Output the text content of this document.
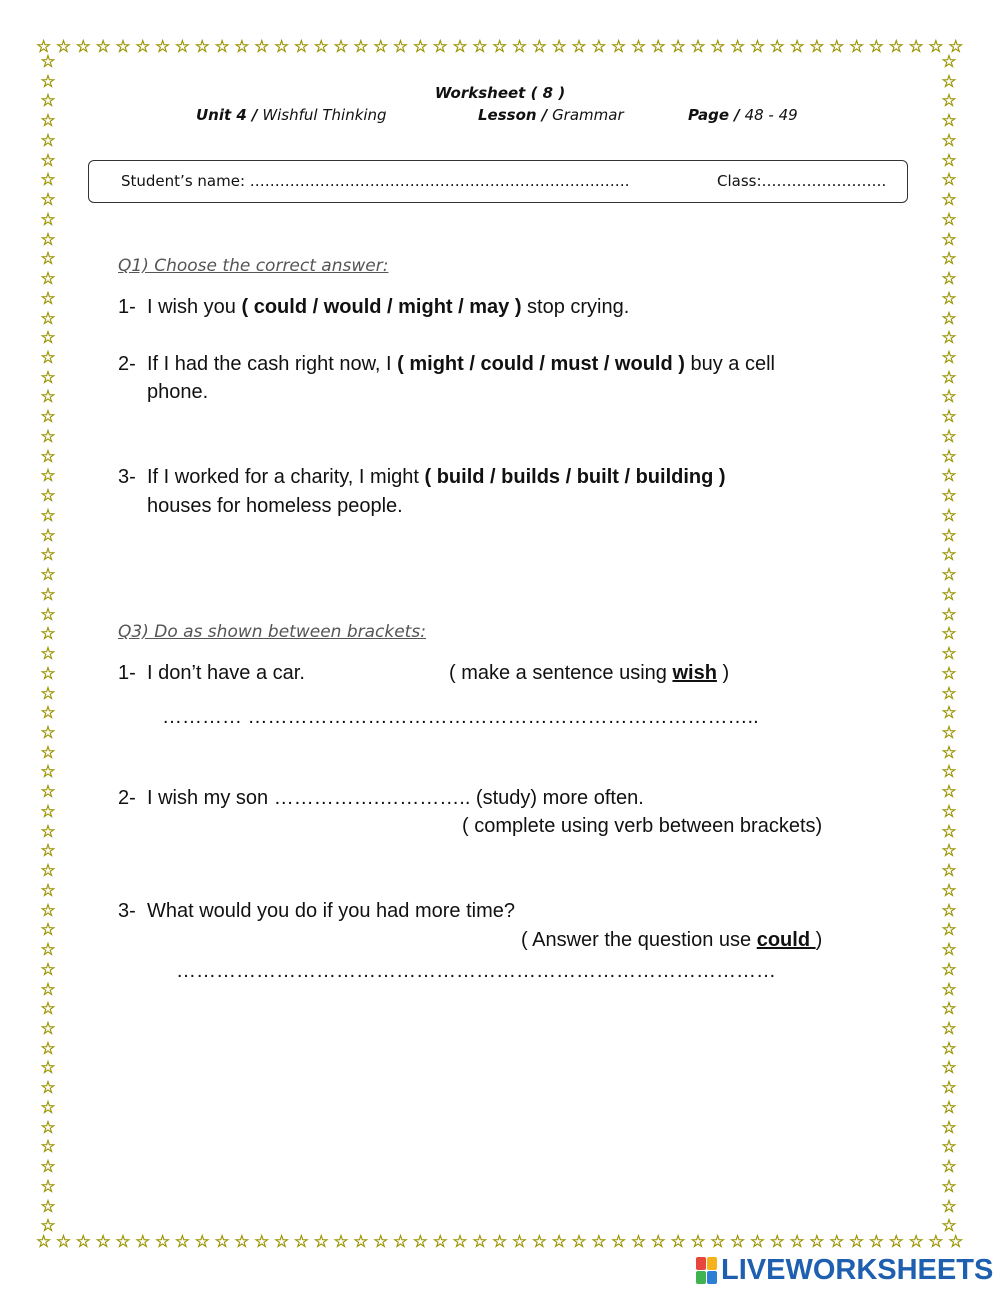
☆ ☆ ☆ ☆ ☆ ☆ ☆ ☆ ☆ ☆ ☆ ☆ ☆ ☆ ☆ ☆ ☆ ☆ ☆ ☆ ☆ ☆ ☆ ☆ ☆ ☆ ☆ ☆ ☆ ☆ ☆ ☆ ☆ ☆ ☆ ☆ ☆ ☆ ☆ ☆ ☆ ☆ ☆ ☆ ☆ ☆ ☆
☆ ☆ ☆ ☆ ☆ ☆ ☆ ☆ ☆ ☆ ☆ ☆ ☆ ☆ ☆ ☆ ☆ ☆ ☆ ☆ ☆ ☆ ☆ ☆ ☆ ☆ ☆ ☆ ☆ ☆ ☆ ☆ ☆ ☆ ☆ ☆ ☆ ☆ ☆ ☆ ☆ ☆ ☆ ☆ ☆ ☆ ☆
☆
☆
☆
☆
☆
☆
☆
☆
☆
☆
☆
☆
☆
☆
☆
☆
☆
☆
☆
☆
☆
☆
☆
☆
☆
☆
☆
☆
☆
☆
☆
☆
☆
☆
☆
☆
☆
☆
☆
☆
☆
☆
☆
☆
☆
☆
☆
☆
☆
☆
☆
☆
☆
☆
☆
☆
☆
☆
☆
☆
☆
☆
☆
☆
☆
☆
☆
☆
☆
☆
☆
☆
☆
☆
☆
☆
☆
☆
☆
☆
☆
☆
☆
☆
☆
☆
☆
☆
☆
☆
☆
☆
☆
☆
☆
☆
☆
☆
☆
☆
☆
☆
☆
☆
☆
☆
☆
☆
☆
☆
☆
☆
☆
☆
☆
☆
☆
☆
☆
☆
Worksheet ( 8 )
Unit 4 / Wishful Thinking	Lesson / Grammar	Page / 48 - 49
Student’s name: ………………………………………………………………….	Class:…………………….
Q1) Choose the correct answer:
1- I wish you ( could / would / might / may ) stop crying.
2- If I had the cash right now, I ( might / could / must / would ) buy a cell
phone.
3- If I worked for a charity, I might ( build / builds / built / building )
houses for homeless people.
Q3) Do as shown between brackets:
1- I don’t have a car.	( make a sentence using wish )
………… …………………………………………………………………..
2- I wish my son …………….………….. (study) more often.
( complete using verb between brackets)
3- What would you do if you had more time?
( Answer the question use could )
………………………………………………………………………………
LIVEWORKSHEETS
